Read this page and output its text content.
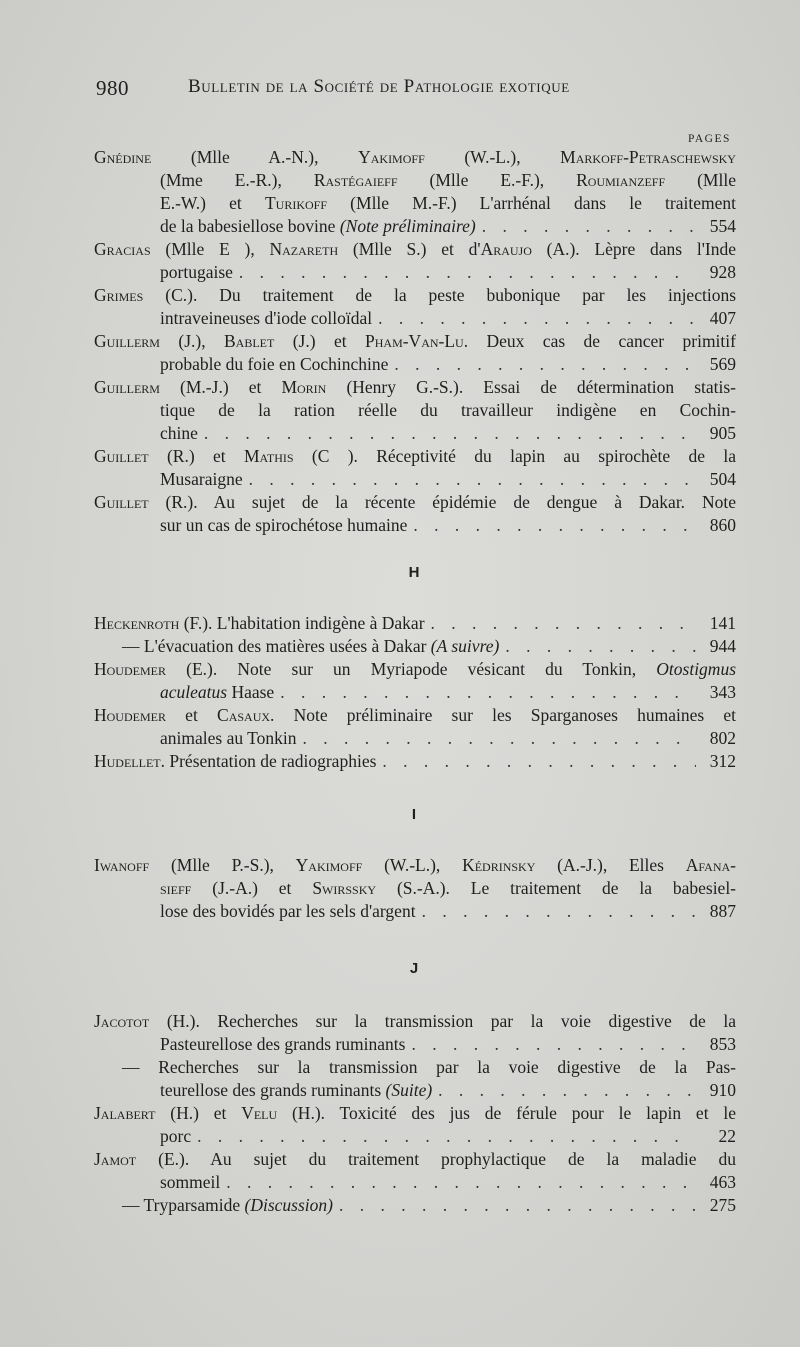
980	Bulletin de la Société de Pathologie exotique
PAGES
Gnédine (Mlle A.-N.), Yakimoff (W.-L.), Markoff-Petraschewsky
(Mme E.-R.), Rastégaieff (Mlle E.-F.), Roumianzeff (Mlle
E.-W.) et Turikoff (Mlle M.-F.) L'arrhénal dans le traitement
de la babesiellose bovine (Note préliminaire) . . .	554
Gracias (Mlle E ), Nazareth (Mlle S.) et d'Araujo (A.). Lèpre dans l'Inde
portugaise . . .	928
Grimes (C.). Du traitement de la peste bubonique par les injections
intraveineuses d'iode colloïdal . . .	407
Guillerm (J.), Bablet (J.) et Pham-Van-Lu. Deux cas de cancer primitif
probable du foie en Cochinchine . . .	569
Guillerm (M.-J.) et Morin (Henry G.-S.). Essai de détermination statis-
tique de la ration réelle du travailleur indigène en Cochin-
chine . . .	905
Guillet (R.) et Mathis (C ). Réceptivité du lapin au spirochète de la
Musaraigne . . .	504
Guillet (R.). Au sujet de la récente épidémie de dengue à Dakar. Note
sur un cas de spirochétose humaine . . .	860
H
Heckenroth (F.). L'habitation indigène à Dakar . . .	141
— L'évacuation des matières usées à Dakar (A suivre) . . .	944
Houdemer (E.). Note sur un Myriapode vésicant du Tonkin, Otostigmus
aculeatus Haase . . .	343
Houdemer et Casaux. Note préliminaire sur les Sparganoses humaines et
animales au Tonkin . . .	802
Hudellet. Présentation de radiographies . . .	312
I
Iwanoff (Mlle P.-S.), Yakimoff (W.-L.), Kédrinsky (A.-J.), Elles Afana-
sieff (J.-A.) et Swirssky (S.-A.). Le traitement de la babesiel-
lose des bovidés par les sels d'argent . . .	887
J
Jacotot (H.). Recherches sur la transmission par la voie digestive de la
Pasteurellose des grands ruminants . . .	853
— Recherches sur la transmission par la voie digestive de la Pas-
teurellose des grands ruminants (Suite) . . .	910
Jalabert (H.) et Velu (H.). Toxicité des jus de férule pour le lapin et le
porc . . .	22
Jamot (E.). Au sujet du traitement prophylactique de la maladie du
sommeil . . .	463
— Tryparsamide (Discussion) . . .	275
